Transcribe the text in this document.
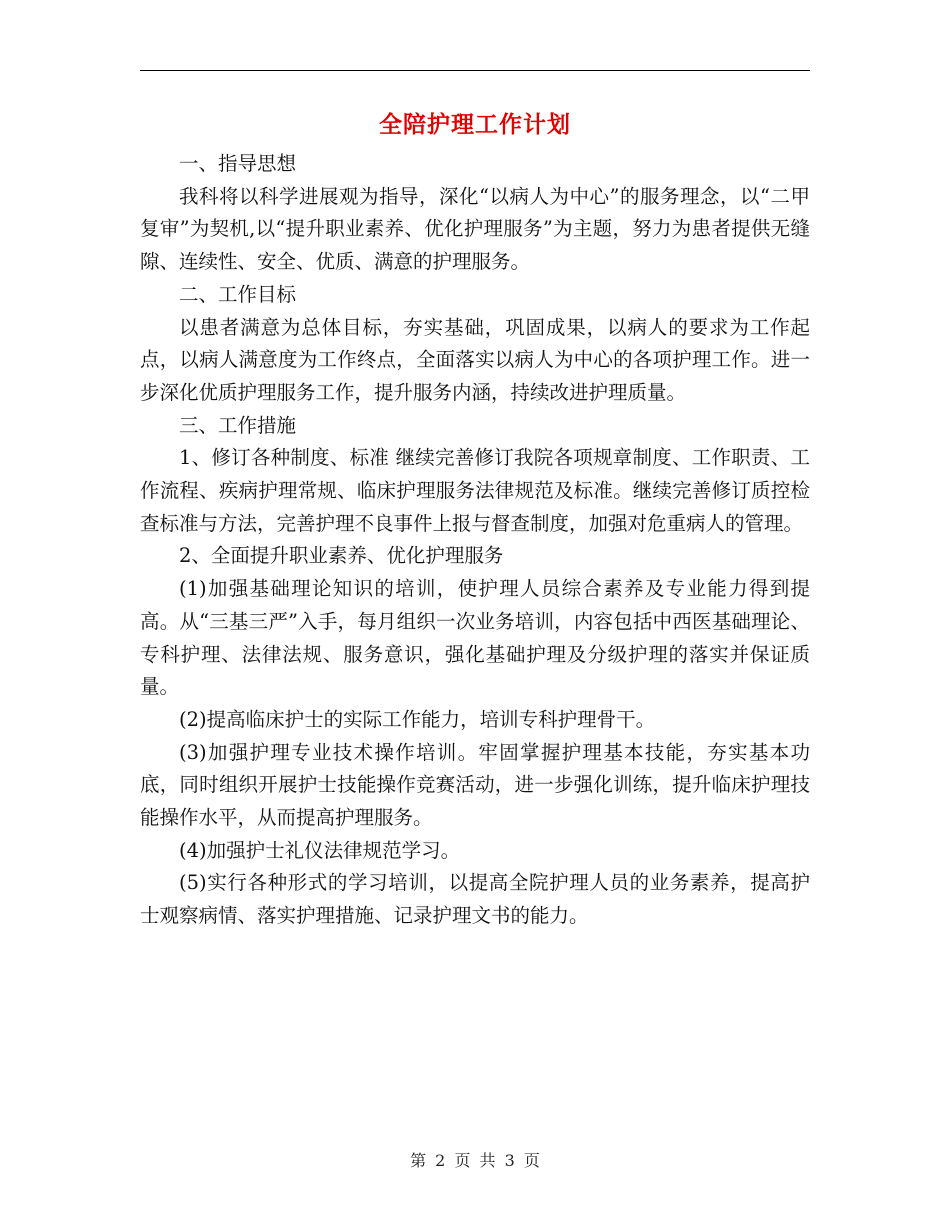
全陪护理工作计划

一、指导思想

我科将以科学进展观为指导，深化“以病人为中心”的服务理念，以“二甲复审”为契机,以“提升职业素养、优化护理服务”为主题，努力为患者提供无缝隙、连续性、安全、优质、满意的护理服务。

二、工作目标

以患者满意为总体目标，夯实基础，巩固成果，以病人的要求为工作起点，以病人满意度为工作终点，全面落实以病人为中心的各项护理工作。进一步深化优质护理服务工作，提升服务内涵，持续改进护理质量。

三、工作措施

1、修订各种制度、标准 继续完善修订我院各项规章制度、工作职责、工作流程、疾病护理常规、临床护理服务法律规范及标准。继续完善修订质控检查标准与方法，完善护理不良事件上报与督查制度，加强对危重病人的管理。

2、全面提升职业素养、优化护理服务

(1)加强基础理论知识的培训，使护理人员综合素养及专业能力得到提高。从“三基三严”入手，每月组织一次业务培训，内容包括中西医基础理论、专科护理、法律法规、服务意识，强化基础护理及分级护理的落实并保证质量。

(2)提高临床护士的实际工作能力，培训专科护理骨干。

(3)加强护理专业技术操作培训。牢固掌握护理基本技能，夯实基本功底，同时组织开展护士技能操作竞赛活动，进一步强化训练，提升临床护理技能操作水平，从而提高护理服务。

(4)加强护士礼仪法律规范学习。

(5)实行各种形式的学习培训，以提高全院护理人员的业务素养，提高护士观察病情、落实护理措施、记录护理文书的能力。

第 2 页 共 3 页
